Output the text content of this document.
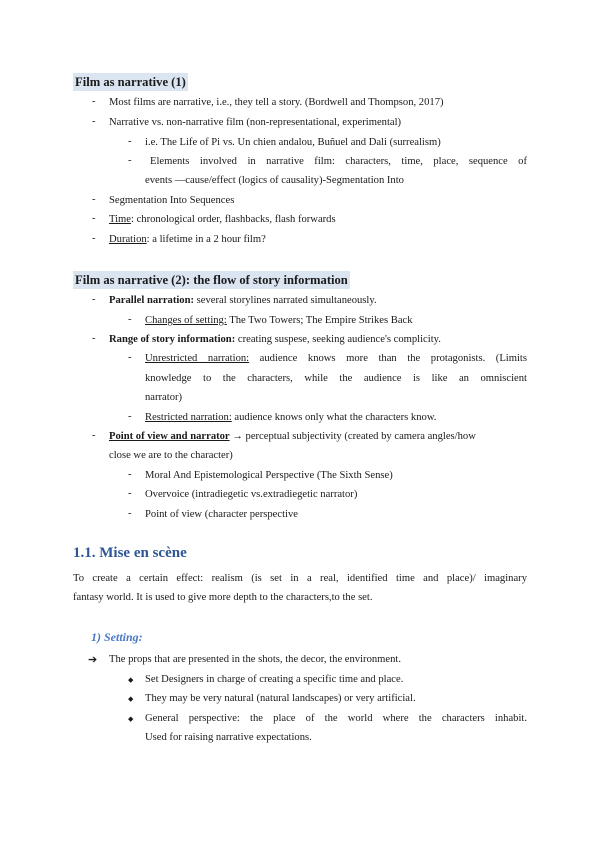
Film as narrative (1)
- Most films are narrative, i.e., they tell a story. (Bordwell and Thompson, 2017)
- Narrative vs. non-narrative film (non-representational, experimental)
- i.e. The Life of Pi vs. Un chien andalou, Buñuel and Dali (surrealism)
- Elements involved in narrative film: characters, time, place, sequence of
events —cause/effect (logics of causality)-Segmentation Into
- Segmentation Into Sequences
- Time: chronological order, flashbacks, flash forwards
- Duration: a lifetime in a 2 hour film?
Film as narrative (2): the flow of story information
- Parallel narration: several storylines narrated simultaneously.
- Changes of setting: The Two Towers; The Empire Strikes Back
- Range of story information: creating suspese, seeking audience's complicity.
- Unrestricted narration: audience knows more than the protagonists. (Limits
knowledge to the characters, while the audience is like an omniscient
narrator)
- Restricted narration: audience knows only what the characters know.
- Point of view and narrator → perceptual subjectivity (created by camera angles/how
close we are to the character)
- Moral And Epistemological Perspective (The Sixth Sense)
- Overvoice (intradiegetic vs.extradiegetic narrator)
- Point of view (character perspective
1.1. Mise en scène
To create a certain effect: realism (is set in a real, identified time and place)/ imaginary
fantasy world. It is used to give more depth to the characters,to the set.
1) Setting:
➔ The props that are presented in the shots, the decor, the environment.
◆ Set Designers in charge of creating a specific time and place.
◆ They may be very natural (natural landscapes) or very artificial.
◆ General perspective: the place of the world where the characters inhabit.
Used for raising narrative expectations.
